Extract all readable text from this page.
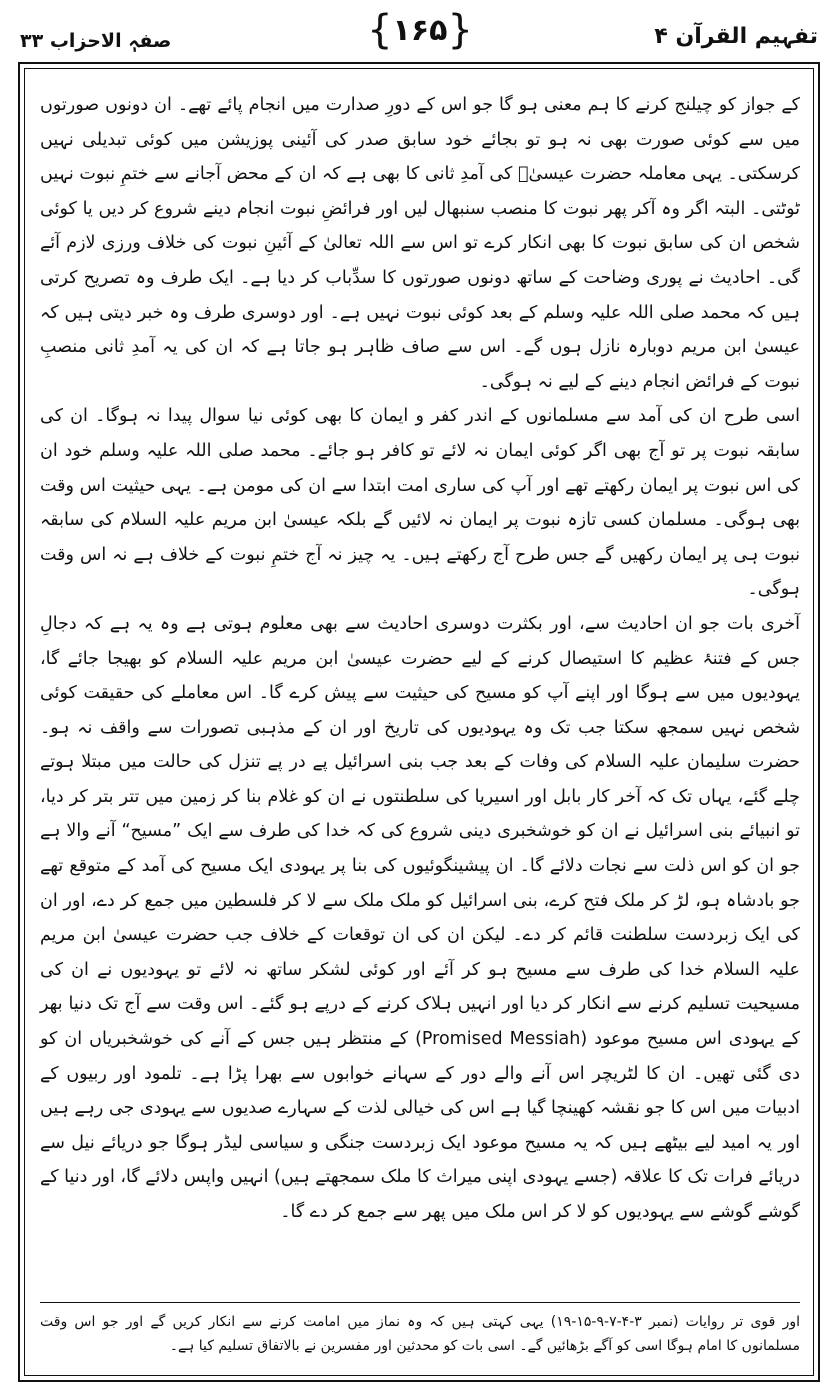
صفہٖ الاحزاب ۳۳	{ ۱۶۵ }	تفہیم القرآن ۴

کے جواز کو چیلنج کرنے کا ہم معنی ہو گا جو اس کے دورِ صدارت میں انجام پائے تھے۔ ان دونوں صورتوں میں سے کوئی صورت بھی نہ ہو تو بجائے خود سابق صدر کی آئینی پوزیشن میں کوئی تبدیلی نہیں کرسکتی۔ یہی معاملہ حضرت عیسیٰؑ کی آمدِ ثانی کا بھی ہے کہ ان کے محض آجانے سے ختمِ نبوت نہیں ٹوٹتی۔ البتہ اگر وہ آکر پھر نبوت کا منصب سنبھال لیں اور فرائضِ نبوت انجام دینے شروع کر دیں یا کوئی شخص ان کی سابق نبوت کا بھی انکار کرے تو اس سے اللہ تعالیٰ کے آئینِ نبوت کی خلاف ورزی لازم آئے گی۔ احادیث نے پوری وضاحت کے ساتھ دونوں صورتوں کا سدِّباب کر دیا ہے۔ ایک طرف وہ تصریح کرتی ہیں کہ محمد صلی اللہ علیہ وسلم کے بعد کوئی نبوت نہیں ہے۔ اور دوسری طرف وہ خبر دیتی ہیں کہ عیسیٰ ابن مریم دوبارہ نازل ہوں گے۔ اس سے صاف ظاہر ہو جاتا ہے کہ ان کی یہ آمدِ ثانی منصبِ نبوت کے فرائض انجام دینے کے لیے نہ ہوگی۔

اسی طرح ان کی آمد سے مسلمانوں کے اندر کفر و ایمان کا بھی کوئی نیا سوال پیدا نہ ہوگا۔ ان کی سابقہ نبوت پر تو آج بھی اگر کوئی ایمان نہ لائے تو کافر ہو جائے۔ محمد صلی اللہ علیہ وسلم خود ان کی اس نبوت پر ایمان رکھتے تھے اور آپ کی ساری امت ابتدا سے ان کی مومن ہے۔ یہی حیثیت اس وقت بھی ہوگی۔ مسلمان کسی تازہ نبوت پر ایمان نہ لائیں گے بلکہ عیسیٰ ابن مریم علیہ السلام کی سابقہ نبوت ہی پر ایمان رکھیں گے جس طرح آج رکھتے ہیں۔ یہ چیز نہ آج ختمِ نبوت کے خلاف ہے نہ اس وقت ہوگی۔

آخری بات جو ان احادیث سے، اور بکثرت دوسری احادیث سے بھی معلوم ہوتی ہے وہ یہ ہے کہ دجالِ جس کے فتنۂ عظیم کا استیصال کرنے کے لیے حضرت عیسیٰ ابن مریم علیہ السلام کو بھیجا جائے گا، یہودیوں میں سے ہوگا اور اپنے آپ کو مسیح کی حیثیت سے پیش کرے گا۔ اس معاملے کی حقیقت کوئی شخص نہیں سمجھ سکتا جب تک وہ یہودیوں کی تاریخ اور ان کے مذہبی تصورات سے واقف نہ ہو۔ حضرت سلیمان علیہ السلام کی وفات کے بعد جب بنی اسرائیل پے در پے تنزل کی حالت میں مبتلا ہوتے چلے گئے، یہاں تک کہ آخر کار بابل اور اسیریا کی سلطنتوں نے ان کو غلام بنا کر زمین میں تتر بتر کر دیا، تو انبیائے بنی اسرائیل نے ان کو خوشخبری دینی شروع کی کہ خدا کی طرف سے ایک ”مسیح“ آنے والا ہے جو ان کو اس ذلت سے نجات دلائے گا۔ ان پیشینگوئیوں کی بنا پر یہودی ایک مسیح کی آمد کے متوقع تھے جو بادشاہ ہو، لڑ کر ملک فتح کرے، بنی اسرائیل کو ملک ملک سے لا کر فلسطین میں جمع کر دے، اور ان کی ایک زبردست سلطنت قائم کر دے۔ لیکن ان کی ان توقعات کے خلاف جب حضرت عیسیٰ ابن مریم علیہ السلام خدا کی طرف سے مسیح ہو کر آئے اور کوئی لشکر ساتھ نہ لائے تو یہودیوں نے ان کی مسیحیت تسلیم کرنے سے انکار کر دیا اور انہیں ہلاک کرنے کے درپے ہو گئے۔ اس وقت سے آج تک دنیا بھر کے یہودی اس مسیح موعود (Promised Messiah) کے منتظر ہیں جس کے آنے کی خوشخبریاں ان کو دی گئی تھیں۔ ان کا لٹریچر اس آنے والے دور کے سہانے خوابوں سے بھرا پڑا ہے۔ تلمود اور ربیوں کے ادبیات میں اس کا جو نقشہ کھینچا گیا ہے اس کی خیالی لذت کے سہارے صدیوں سے یہودی جی رہے ہیں اور یہ امید لیے بیٹھے ہیں کہ یہ مسیح موعود ایک زبردست جنگی و سیاسی لیڈر ہوگا جو دریائے نیل سے دریائے فرات تک کا علاقہ (جسے یہودی اپنی میراث کا ملک سمجھتے ہیں) انہیں واپس دلائے گا، اور دنیا کے گوشے گوشے سے یہودیوں کو لا کر اس ملک میں پھر سے جمع کر دے گا۔

اور قوی تر روایات (نمبر ۳-۴-۷-۹-۱۵-۱۹) یہی کہتی ہیں کہ وہ نماز میں امامت کرنے سے انکار کریں گے اور جو اس وقت مسلمانوں کا امام ہوگا اسی کو آگے بڑھائیں گے۔ اسی بات کو محدثین اور مفسرین نے بالاتفاق تسلیم کیا ہے۔
